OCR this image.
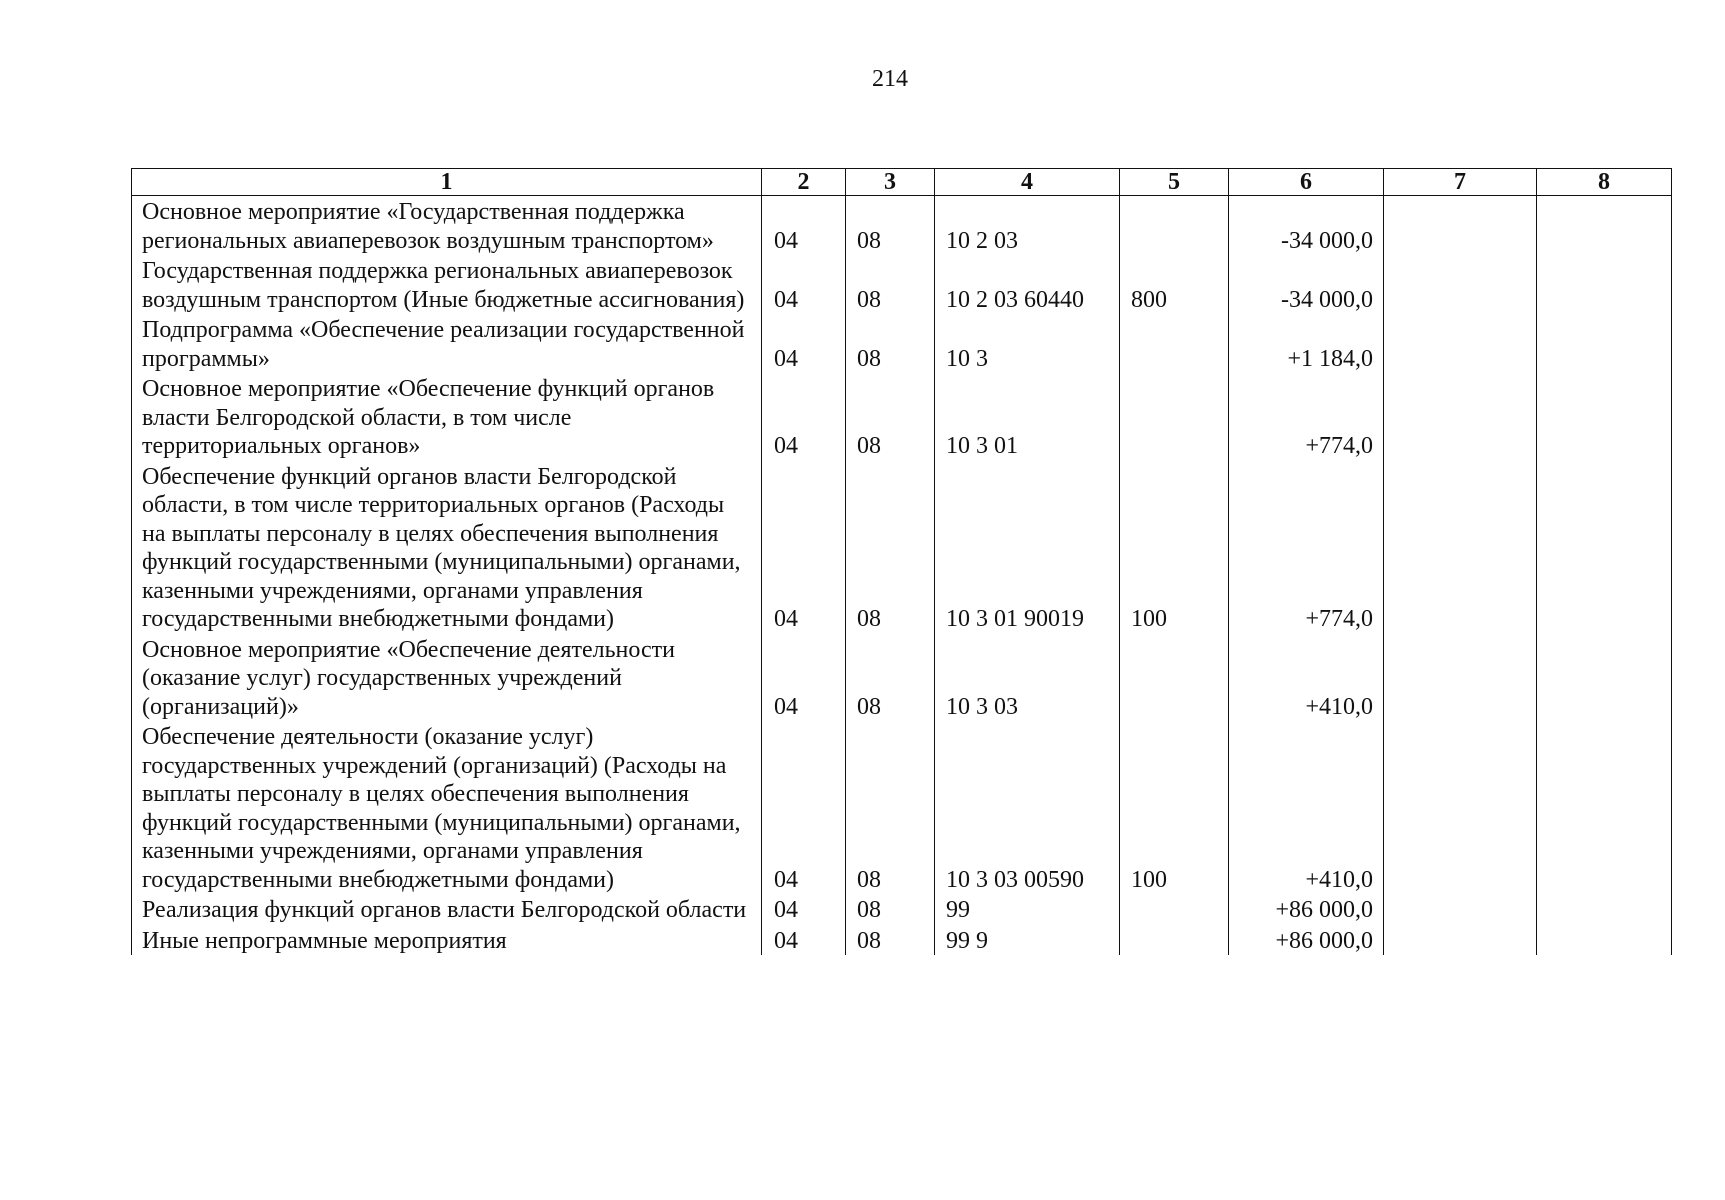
214
1	2	3	4	5	6	7	8
Основное мероприятие «Государственная поддержка региональных авиаперевозок воздушным транспортом»	04	08	10 2 03		-34 000,0		
Государственная поддержка региональных авиаперевозок воздушным транспортом (Иные бюджетные ассигнования)	04	08	10 2 03 60440	800	-34 000,0		
Подпрограмма «Обеспечение реализации государственной программы»	04	08	10 3		+1 184,0		
Основное мероприятие «Обеспечение функций органов власти Белгородской области, в том числе территориальных органов»	04	08	10 3 01		+774,0		
Обеспечение функций органов власти Белгородской области, в том числе территориальных органов (Расходы на выплаты персоналу в целях обеспечения выполнения функций государственными (муниципальными) органами, казенными учреждениями, органами управления государственными внебюджетными фондами)	04	08	10 3 01 90019	100	+774,0		
Основное мероприятие «Обеспечение деятельности (оказание услуг) государственных учреждений (организаций)»	04	08	10 3 03		+410,0		
Обеспечение деятельности (оказание услуг) государственных учреждений (организаций) (Расходы на выплаты персоналу в целях обеспечения выполнения функций государственными (муниципальными) органами, казенными учреждениями, органами управления государственными внебюджетными фондами)	04	08	10 3 03 00590	100	+410,0		
Реализация функций органов власти Белгородской области	04	08	99		+86 000,0		
Иные непрограммные мероприятия	04	08	99 9		+86 000,0		
